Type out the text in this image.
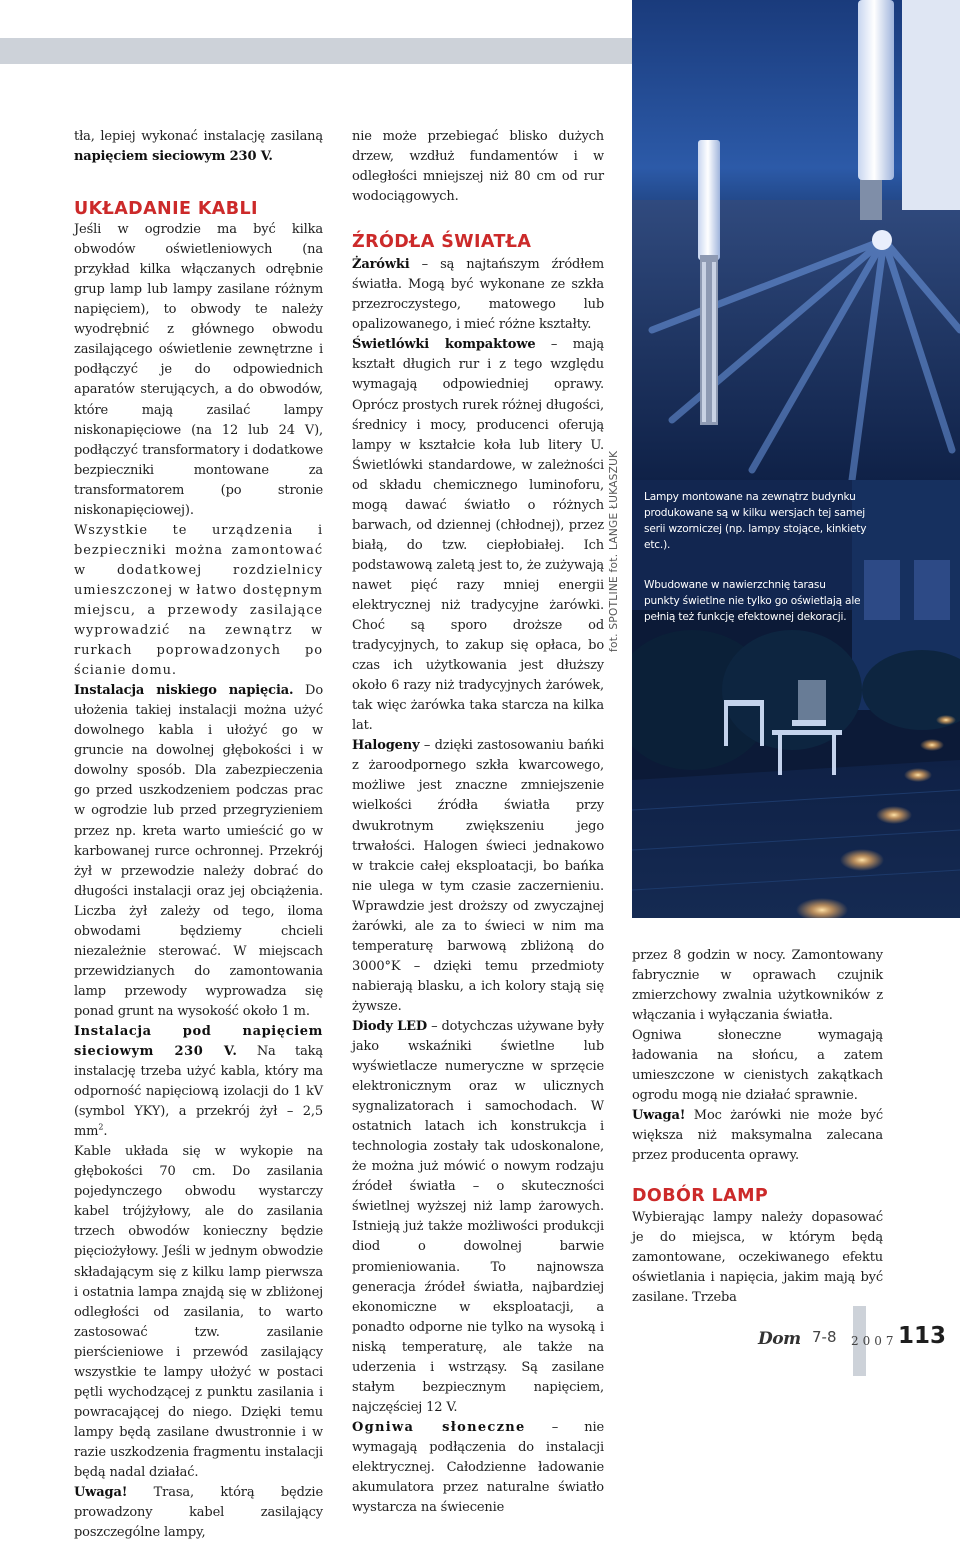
tła, lepiej wykonać instalację zasilaną napięciem sieciowym 230 V.

UKŁADANIE KABLI

Jeśli w ogrodzie ma być kilka obwodów oświetleniowych (na przykład kilka włączanych odrębnie grup lamp lub lampy zasilane różnym napięciem), to obwody te należy wyodrębnić z głównego obwodu zasilającego oświetlenie zewnętrzne i podłączyć je do odpowiednich aparatów sterujących, a do obwodów, które mają zasilać lampy niskonapięciowe (na 12 lub 24 V), podłączyć transformatory i dodatkowe bezpieczniki montowane za transformatorem (po stronie niskonapięciowej).

Wszystkie te urządzenia i bezpieczniki można zamontować w dodatkowej rozdzielnicy umieszczonej w łatwo dostępnym miejscu, a przewody zasilające wyprowadzić na zewnątrz w rurkach poprowadzonych po ścianie domu.

Instalacja niskiego napięcia. Do ułożenia takiej instalacji można użyć dowolnego kabla i ułożyć go w gruncie na dowolnej głębokości i w dowolny sposób. Dla zabezpieczenia go przed uszkodzeniem podczas prac w ogrodzie lub przed przegryzieniem przez np. kreta warto umieścić go w karbowanej rurce ochronnej. Przekrój żył w przewodzie należy dobrać do długości instalacji oraz jej obciążenia. Liczba żył zależy od tego, iloma obwodami będziemy chcieli niezależnie sterować. W miejscach przewidzianych do zamontowania lamp przewody wyprowadza się ponad grunt na wysokość około 1 m.

Instalacja pod napięciem sieciowym 230 V. Na taką instalację trzeba użyć kabla, który ma odporność napięciową izolacji do 1 kV (symbol YKY), a przekrój żył – 2,5 $mm^2$.

Kable układa się w wykopie na głębokości 70 cm. Do zasilania pojedynczego obwodu wystarczy kabel trójżyłowy, ale do zasilania trzech obwodów konieczny będzie pięciożyłowy. Jeśli w jednym obwodzie składającym się z kilku lamp pierwsza i ostatnia lampa znajdą się w zbliżonej odległości od zasilania, to warto zastosować tzw. zasilanie pierścieniowe i przewód zasilający wszystkie te lampy ułożyć w postaci pętli wychodzącej z punktu zasilania i powracającej do niego. Dzięki temu lampy będą zasilane dwustronnie i w razie uszkodzenia fragmentu instalacji będą nadal działać.

Uwaga! Trasa, którą będzie prowadzony kabel zasilający poszczególne lampy,

nie może przebiegać blisko dużych drzew, wzdłuż fundamentów i w odległości mniejszej niż 80 cm od rur wodociągowych.

ŹRÓDŁA ŚWIATŁA

Żarówki – są najtańszym źródłem światła. Mogą być wykonane ze szkła przezroczystego, matowego lub opalizowanego, i mieć różne kształty.

Świetlówki kompaktowe – mają kształt długich rur i z tego względu wymagają odpowiedniej oprawy. Oprócz prostych rurek różnej długości, średnicy i mocy, producenci oferują lampy w kształcie koła lub litery U. Świetlówki standardowe, w zależności od składu chemicznego luminoforu, mogą dawać światło o różnych barwach, od dziennej (chłodnej), przez białą, do tzw. ciepłobiałej. Ich podstawową zaletą jest to, że zużywają nawet pięć razy mniej energii elektrycznej niż tradycyjne żarówki. Choć są sporo droższe od tradycyjnych, to zakup się opłaca, bo czas ich użytkowania jest dłuższy około 6 razy niż tradycyjnych żarówek, tak więc żarówka taka starcza na kilka lat.

Halogeny – dzięki zastosowaniu bańki z żaroodpornego szkła kwarcowego, możliwe jest znaczne zmniejszenie wielkości źródła światła przy dwukrotnym zwiększeniu jego trwałości. Halogen świeci jednakowo w trakcie całej eksploatacji, bo bańka nie ulega w tym czasie zaczernieniu. Wprawdzie jest droższy od zwyczajnej żarówki, ale za to świeci w nim ma temperaturę barwową zbliżoną do 3000°K – dzięki temu przedmioty nabierają blasku, a ich kolory stają się żywsze.

Diody LED – dotychczas używane były jako wskaźniki świetlne lub wyświetlacze numeryczne w sprzęcie elektronicznym oraz w ulicznych sygnalizatorach i samochodach. W ostatnich latach ich konstrukcja i technologia zostały tak udoskonalone, że można już mówić o nowym rodzaju źródeł światła – o skuteczności świetlnej wyższej niż lamp żarowych. Istnieją już także możliwości produkcji diod o dowolnej barwie promieniowania. To najnowsza generacja źródeł światła, najbardziej ekonomiczne w eksploatacji, a ponadto odporne nie tylko na wysoką i niską temperaturę, ale także na uderzenia i wstrząsy. Są zasilane stałym bezpiecznym napięciem, najczęściej 12 V.

Ogniwa słoneczne – nie wymagają podłączenia do instalacji elektrycznej. Całodzienne ładowanie akumulatora przez naturalne światło wystarcza na świecenie

Lampy montowane na zewnątrz budynku produkowane są w kilku wersjach tej samej serii wzorniczej (np. lampy stojące, kinkiety etc.).
Wbudowane w nawierzchnię tarasu punkty świetlne nie tylko go oświetlają ale pełnią też funkcję efektownej dekoracji.
fot. SPOTLINE fot. LANGE ŁUKASZUK

przez 8 godzin w nocy. Zamontowany fabrycznie w oprawach czujnik zmierzchowy zwalnia użytkowników z włączania i wyłączania światła.

Ogniwa słoneczne wymagają ładowania na słońcu, a zatem umieszczone w cienistych zakątkach ogrodu mogą nie działać sprawnie.

Uwaga! Moc żarówki nie może być większa niż maksymalna zalecana przez producenta oprawy.

DOBÓR LAMP

Wybierając lampy należy dopasować je do miejsca, w którym będą zamontowane, oczekiwanego efektu oświetlania i napięcia, jakim mają być zasilane. Trzeba

Dom 7-8 2007 113
